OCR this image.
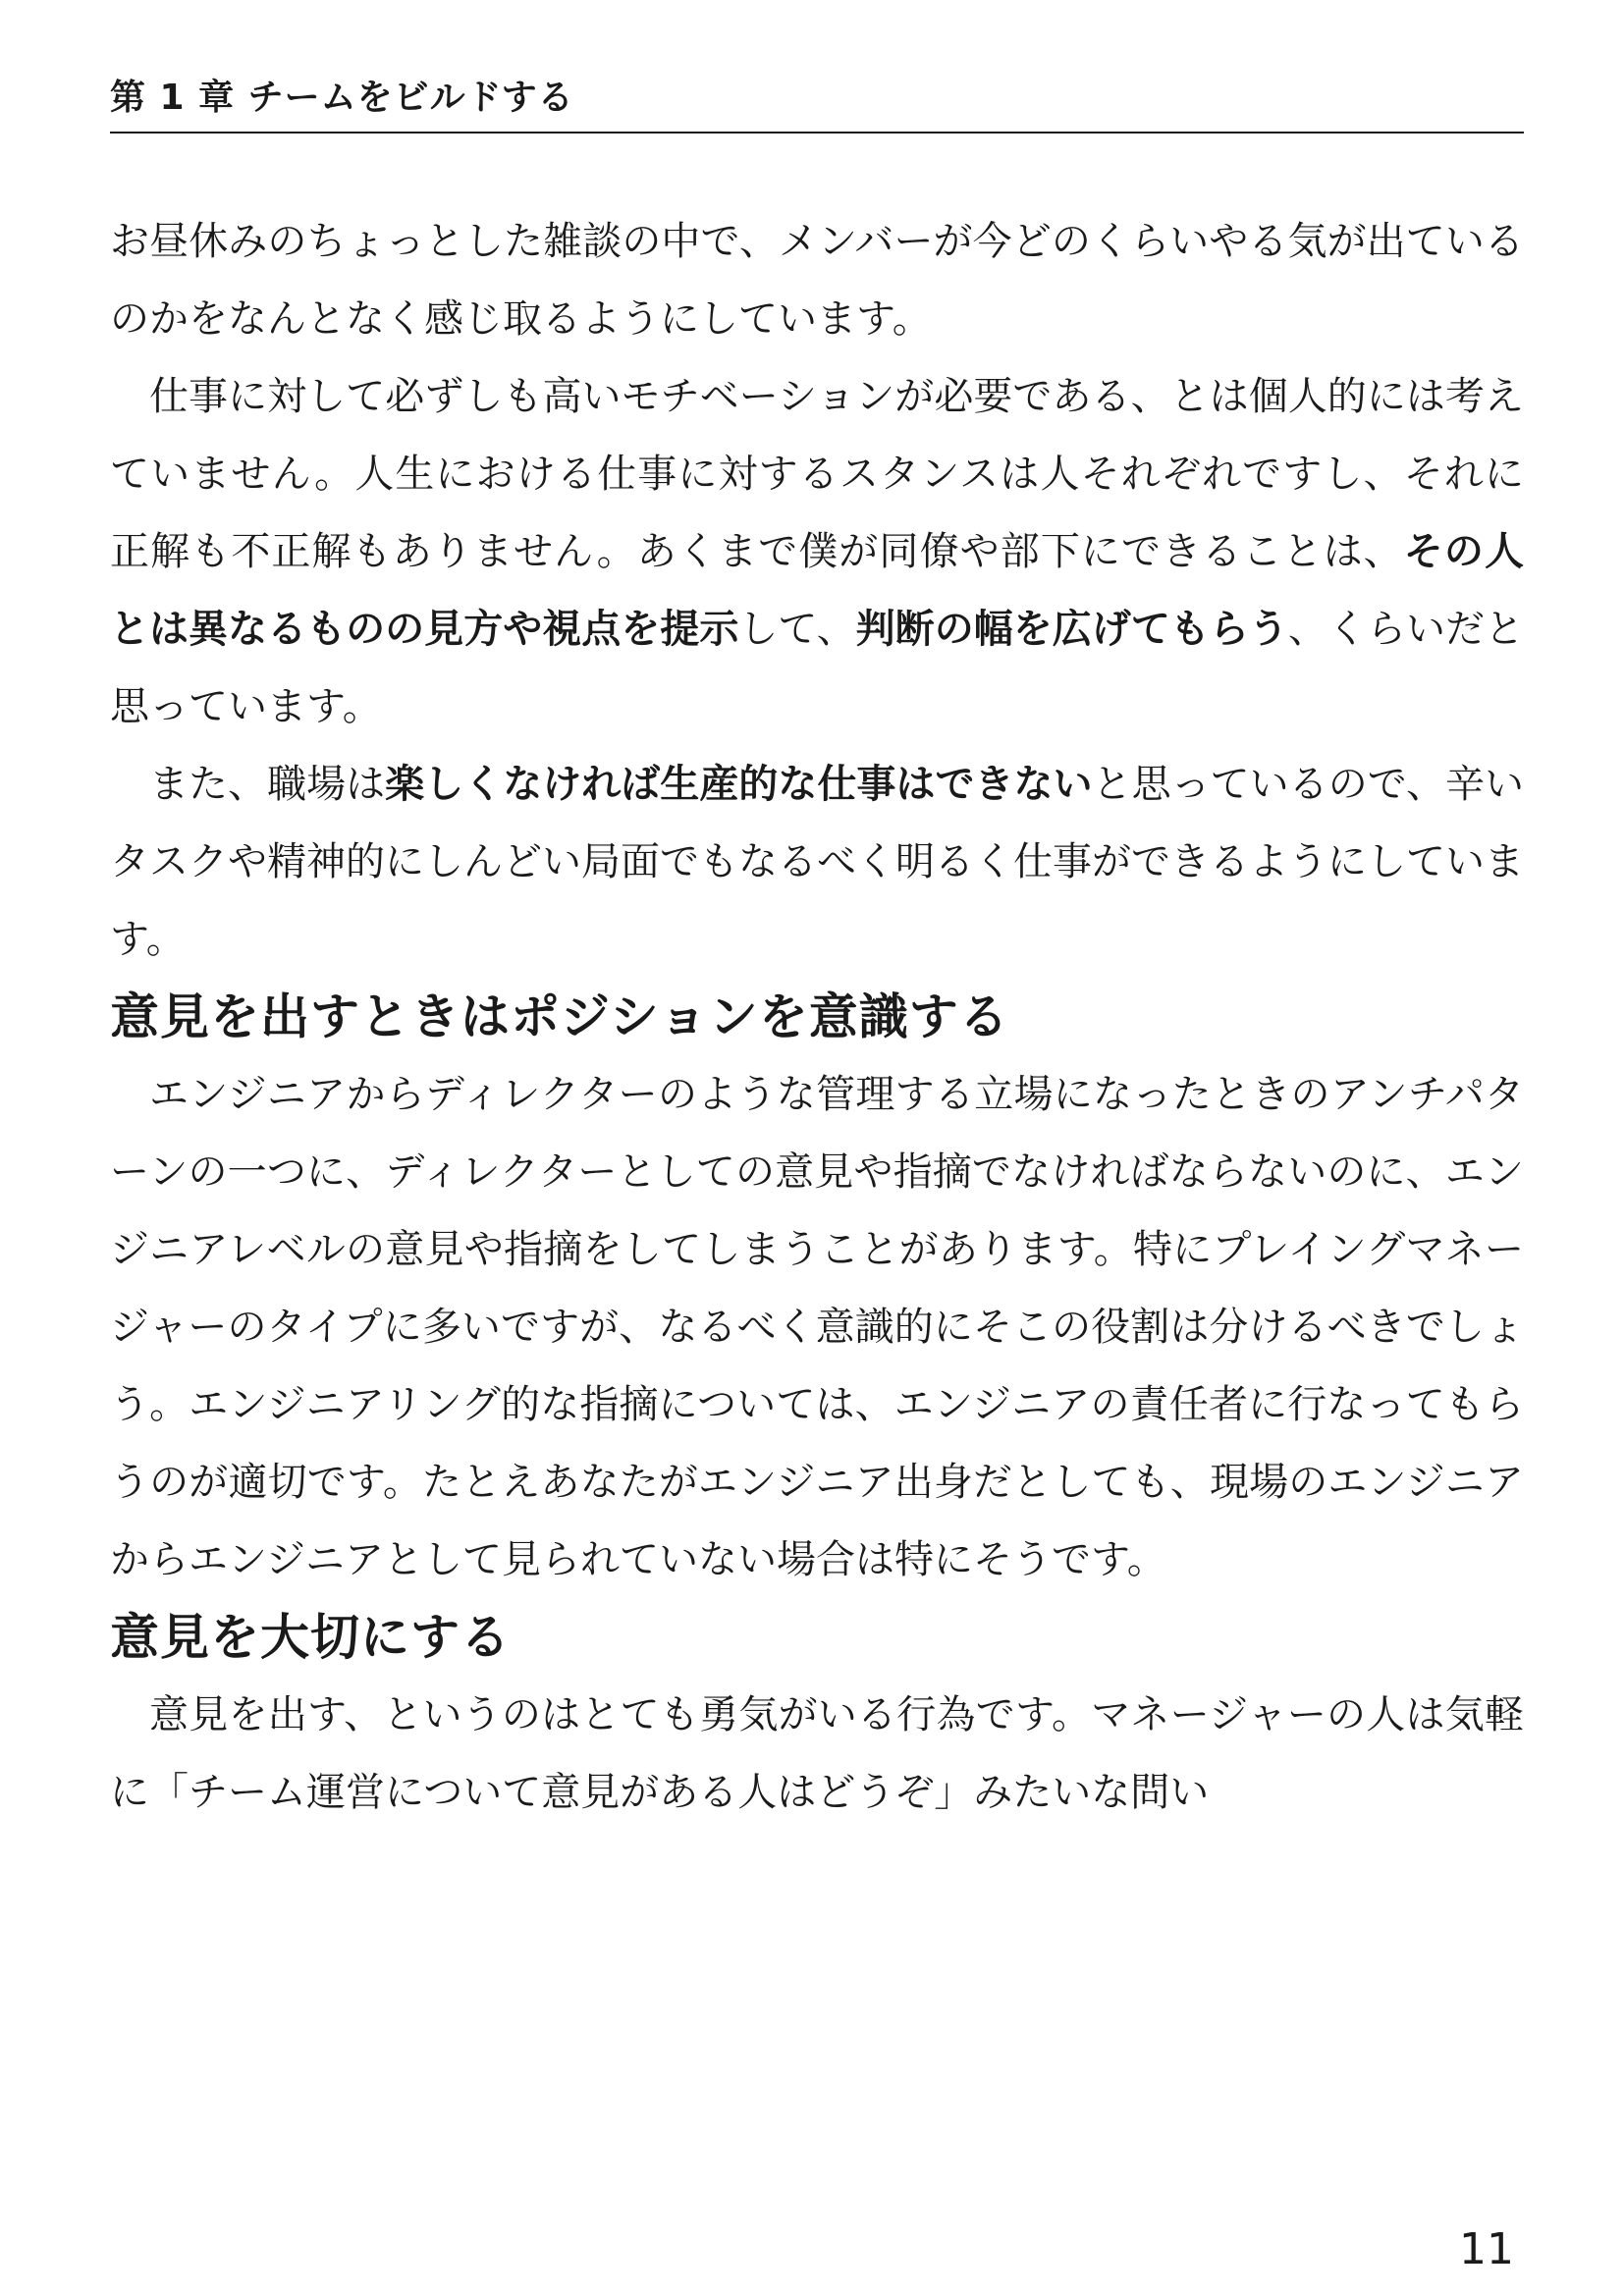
第 1 章 チームをビルドする

お昼休みのちょっとした雑談の中で、メンバーが今どのくらいやる気が出ているのかをなんとなく感じ取るようにしています。

仕事に対して必ずしも高いモチベーションが必要である、とは個人的には考えていません。人生における仕事に対するスタンスは人それぞれですし、それに正解も不正解もありません。あくまで僕が同僚や部下にできることは、その人とは異なるものの見方や視点を提示して、判断の幅を広げてもらう、くらいだと思っています。

また、職場は楽しくなければ生産的な仕事はできないと思っているので、辛いタスクや精神的にしんどい局面でもなるべく明るく仕事ができるようにしています。

意見を出すときはポジションを意識する

エンジニアからディレクターのような管理する立場になったときのアンチパターンの一つに、ディレクターとしての意見や指摘でなければならないのに、エンジニアレベルの意見や指摘をしてしまうことがあります。特にプレイングマネージャーのタイプに多いですが、なるべく意識的にそこの役割は分けるべきでしょう。エンジニアリング的な指摘については、エンジニアの責任者に行なってもらうのが適切です。たとえあなたがエンジニア出身だとしても、現場のエンジニアからエンジニアとして見られていない場合は特にそうです。

意見を大切にする

意見を出す、というのはとても勇気がいる行為です。マネージャーの人は気軽に「チーム運営について意見がある人はどうぞ」みたいな問い

11
